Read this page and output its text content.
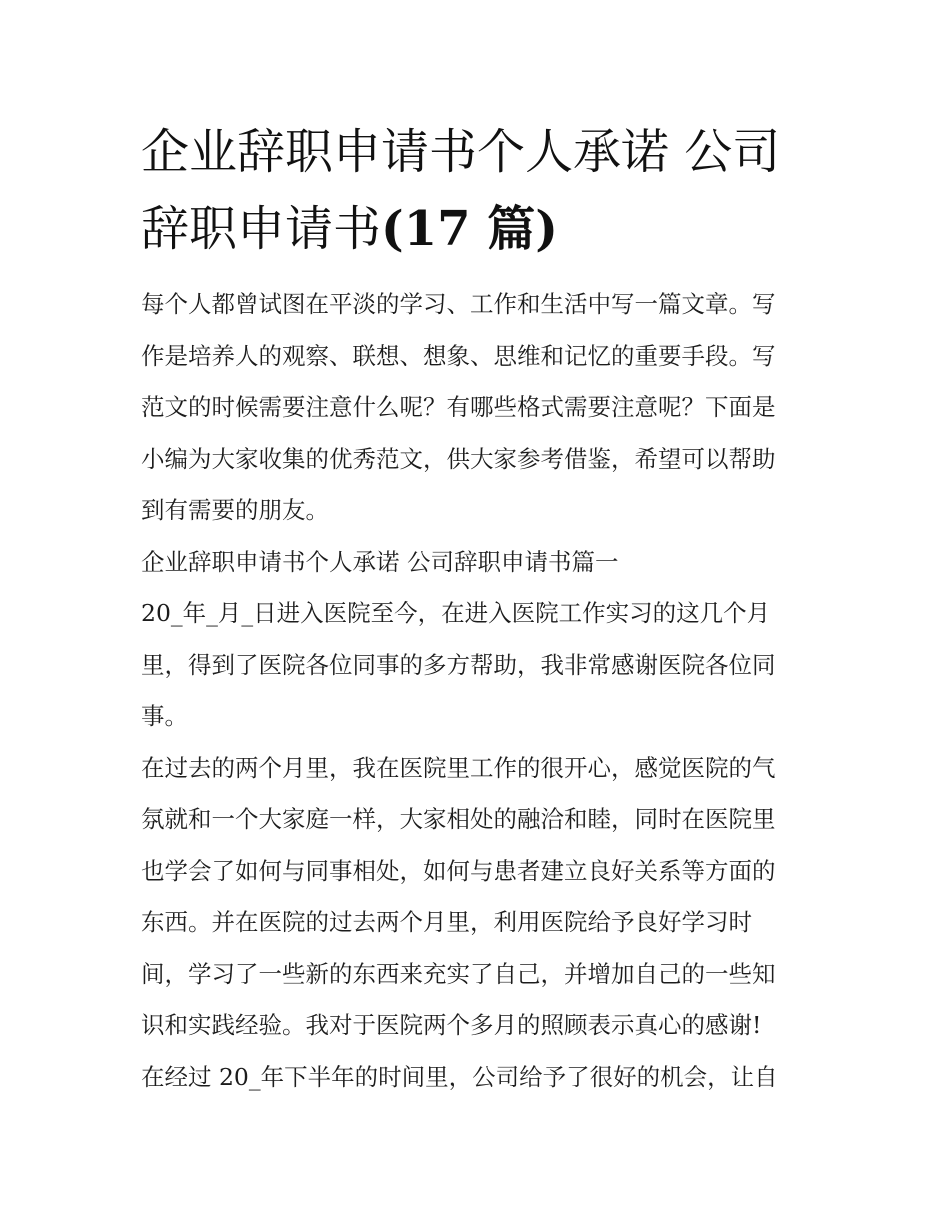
企业辞职申请书个人承诺 公司
辞职申请书(17 篇)

每个人都曾试图在平淡的学习、工作和生活中写一篇文章。写

作是培养人的观察、联想、想象、思维和记忆的重要手段。写

范文的时候需要注意什么呢？有哪些格式需要注意呢？下面是

小编为大家收集的优秀范文，供大家参考借鉴，希望可以帮助

到有需要的朋友。

企业辞职申请书个人承诺 公司辞职申请书篇一

20_年_月_日进入医院至今，在进入医院工作实习的这几个月

里，得到了医院各位同事的多方帮助，我非常感谢医院各位同

事。

在过去的两个月里，我在医院里工作的很开心，感觉医院的气

氛就和一个大家庭一样，大家相处的融洽和睦，同时在医院里

也学会了如何与同事相处，如何与患者建立良好关系等方面的

东西。并在医院的过去两个月里，利用医院给予良好学习时

间，学习了一些新的东西来充实了自己，并增加自己的一些知

识和实践经验。我对于医院两个多月的照顾表示真心的感谢!

在经过 20_年下半年的时间里，公司给予了很好的机会，让自
